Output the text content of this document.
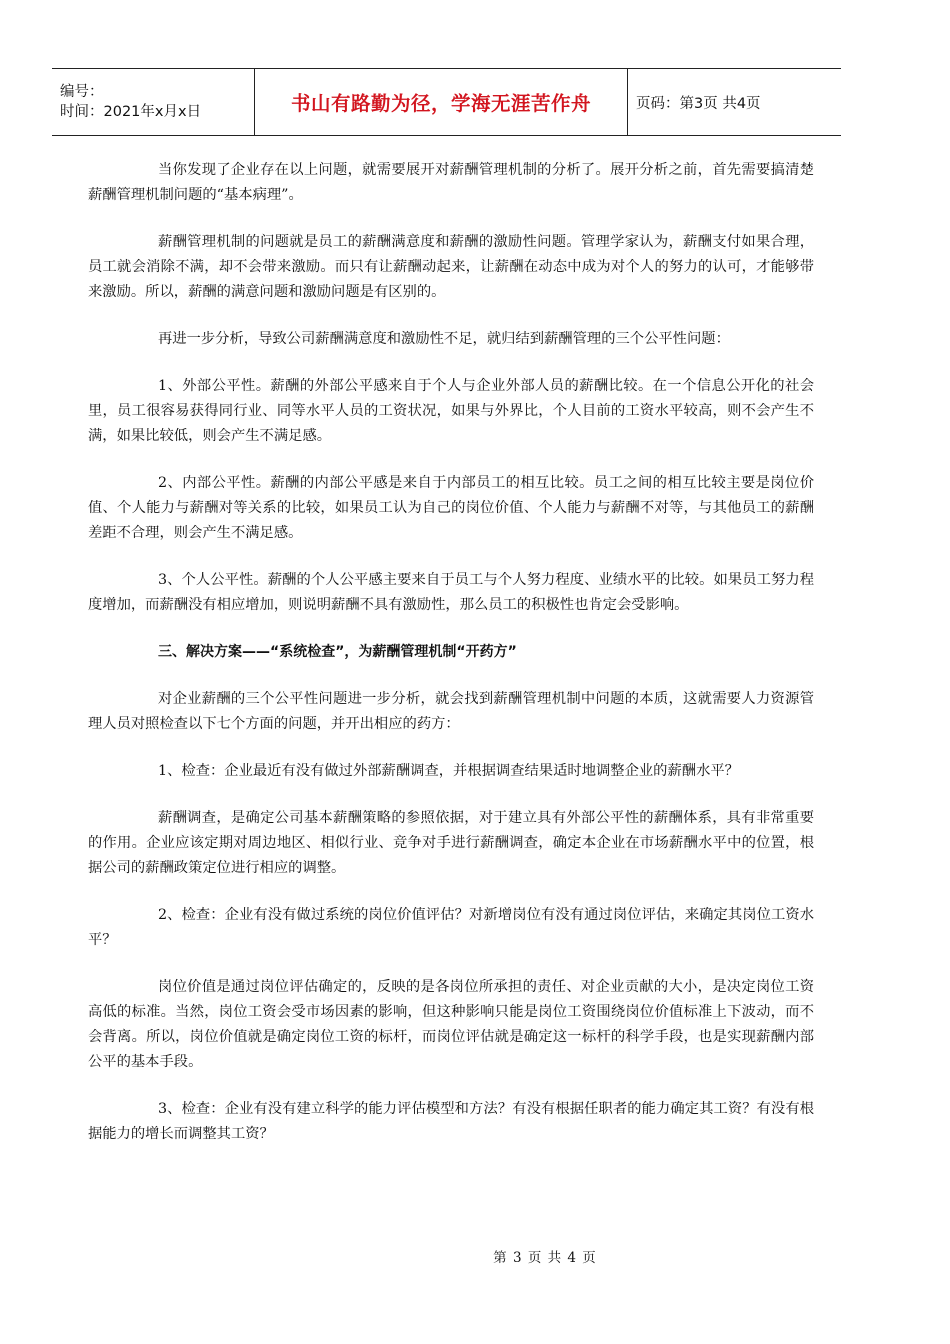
编号：
时间：2021年x月x日	书山有路勤为径，学海无涯苦作舟	页码：第3页 共4页

当你发现了企业存在以上问题，就需要展开对薪酬管理机制的分析了。展开分析之前，首先需要搞清楚薪酬管理机制问题的“基本病理”。

薪酬管理机制的问题就是员工的薪酬满意度和薪酬的激励性问题。管理学家认为，薪酬支付如果合理，员工就会消除不满，却不会带来激励。而只有让薪酬动起来，让薪酬在动态中成为对个人的努力的认可，才能够带来激励。所以，薪酬的满意问题和激励问题是有区别的。

再进一步分析，导致公司薪酬满意度和激励性不足，就归结到薪酬管理的三个公平性问题：

1、外部公平性。薪酬的外部公平感来自于个人与企业外部人员的薪酬比较。在一个信息公开化的社会里，员工很容易获得同行业、同等水平人员的工资状况，如果与外界比，个人目前的工资水平较高，则不会产生不满，如果比较低，则会产生不满足感。

2、内部公平性。薪酬的内部公平感是来自于内部员工的相互比较。员工之间的相互比较主要是岗位价值、个人能力与薪酬对等关系的比较，如果员工认为自己的岗位价值、个人能力与薪酬不对等，与其他员工的薪酬差距不合理，则会产生不满足感。

3、个人公平性。薪酬的个人公平感主要来自于员工与个人努力程度、业绩水平的比较。如果员工努力程度增加，而薪酬没有相应增加，则说明薪酬不具有激励性，那么员工的积极性也肯定会受影响。

三、解决方案——“系统检查”，为薪酬管理机制“开药方”

对企业薪酬的三个公平性问题进一步分析，就会找到薪酬管理机制中问题的本质，这就需要人力资源管理人员对照检查以下七个方面的问题，并开出相应的药方：

1、检查：企业最近有没有做过外部薪酬调查，并根据调查结果适时地调整企业的薪酬水平？

薪酬调查，是确定公司基本薪酬策略的参照依据，对于建立具有外部公平性的薪酬体系，具有非常重要的作用。企业应该定期对周边地区、相似行业、竞争对手进行薪酬调查，确定本企业在市场薪酬水平中的位置，根据公司的薪酬政策定位进行相应的调整。

2、检查：企业有没有做过系统的岗位价值评估？对新增岗位有没有通过岗位评估，来确定其岗位工资水平？

岗位价值是通过岗位评估确定的，反映的是各岗位所承担的责任、对企业贡献的大小，是决定岗位工资高低的标准。当然，岗位工资会受市场因素的影响，但这种影响只能是岗位工资围绕岗位价值标准上下波动，而不会背离。所以，岗位价值就是确定岗位工资的标杆，而岗位评估就是确定这一标杆的科学手段，也是实现薪酬内部公平的基本手段。

3、检查：企业有没有建立科学的能力评估模型和方法？有没有根据任职者的能力确定其工资？有没有根据能力的增长而调整其工资？

第 3 页 共 4 页
